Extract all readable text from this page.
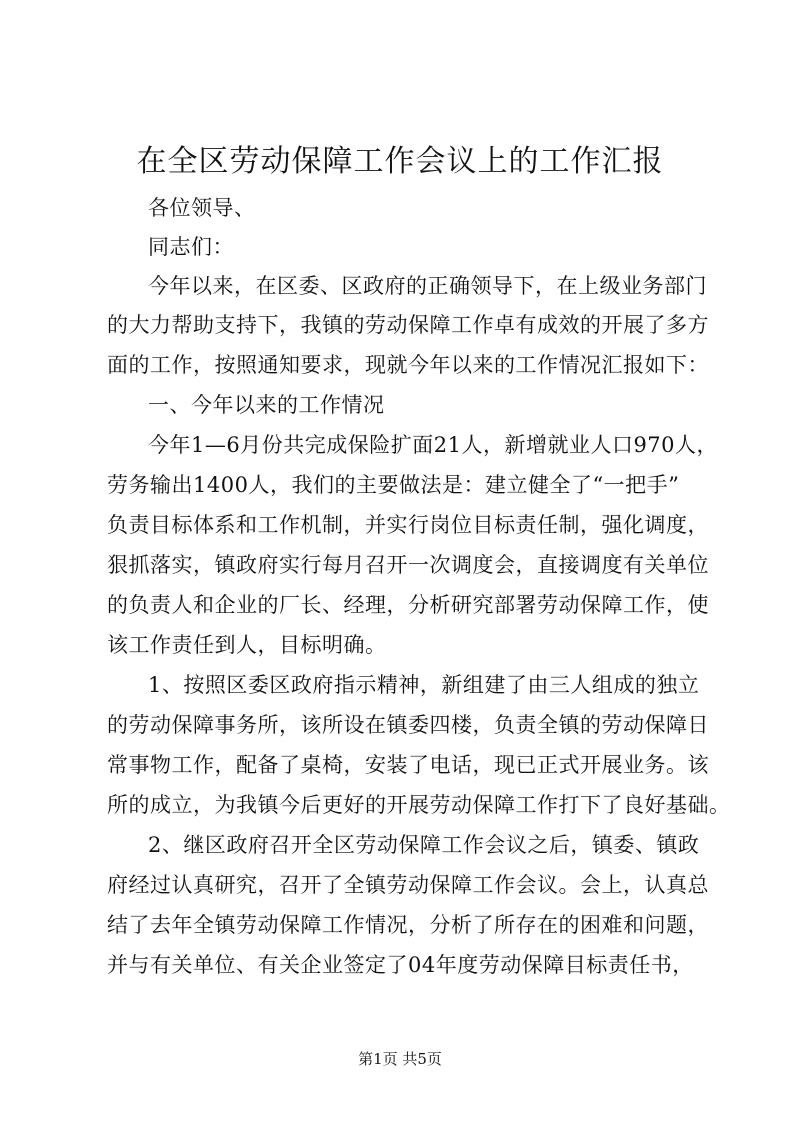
在全区劳动保障工作会议上的工作汇报
各位领导、
同志们：
今年以来，在区委、区政府的正确领导下，在上级业务部门
的大力帮助支持下，我镇的劳动保障工作卓有成效的开展了多方
面的工作，按照通知要求，现就今年以来的工作情况汇报如下：
一、今年以来的工作情况
今年1—6月份共完成保险扩面21人，新增就业人口970人，
劳务输出1400人，我们的主要做法是：建立健全了“一把手”
负责目标体系和工作机制，并实行岗位目标责任制，强化调度，
狠抓落实，镇政府实行每月召开一次调度会，直接调度有关单位
的负责人和企业的厂长、经理，分析研究部署劳动保障工作，使
该工作责任到人，目标明确。
1、按照区委区政府指示精神，新组建了由三人组成的独立
的劳动保障事务所，该所设在镇委四楼，负责全镇的劳动保障日
常事物工作，配备了桌椅，安装了电话，现已正式开展业务。该
所的成立，为我镇今后更好的开展劳动保障工作打下了良好基础。
2、继区政府召开全区劳动保障工作会议之后，镇委、镇政
府经过认真研究，召开了全镇劳动保障工作会议。会上，认真总
结了去年全镇劳动保障工作情况，分析了所存在的困难和问题，
并与有关单位、有关企业签定了04年度劳动保障目标责任书，
第1页 共5页
